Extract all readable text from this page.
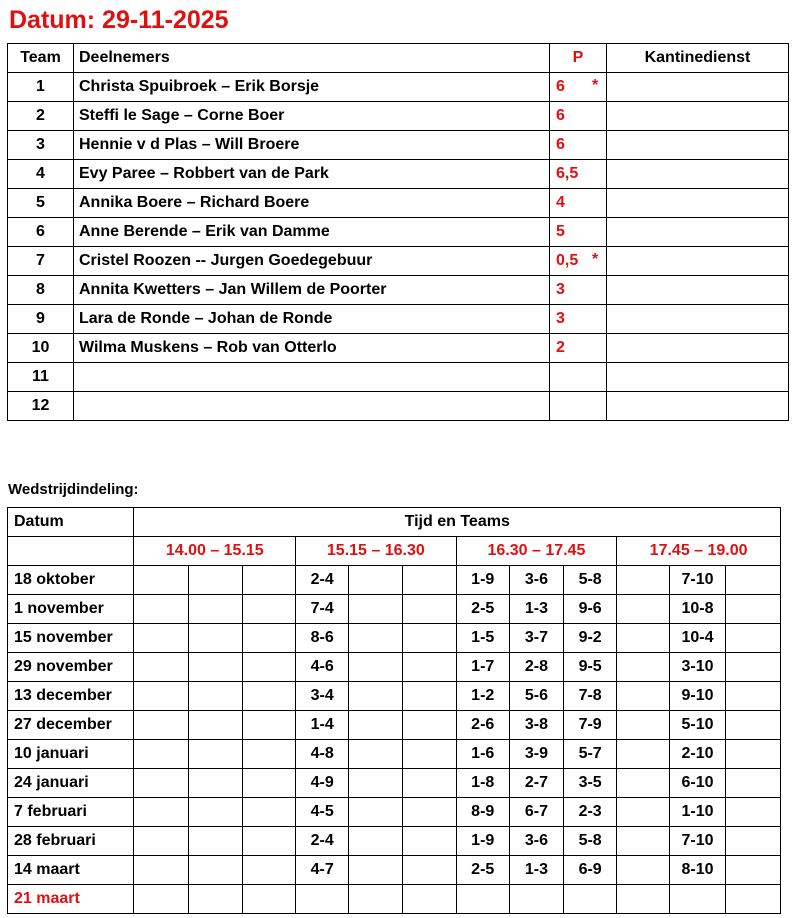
Datum: 29-11-2025
Team	Deelnemers	P	Kantinedienst
1	Christa Spuibroek – Erik Borsje	6 *	

2	Steffi le Sage – Corne Boer	6

3	Hennie v d Plas – Will Broere	6

4	Evy Paree – Robbert van de Park	6,5

5	Annika Boere – Richard Boere	4

6	Anne Berende – Erik van Damme	5

7	Cristel Roozen -- Jurgen Goedegebuur	0,5 *	

8	Annita Kwetters – Jan Willem de Poorter	3

9	Lara de Ronde – Johan de Ronde	3

10	Wilma Muskens – Rob van Otterlo	2

11		

12		

Wedstrijdindeling:
Datum	Tijd en Teams											
	14.00 – 15.15			15.15 – 16.30			16.30 – 17.45			17.45 – 19.00		
18 oktober				2-4			1-9	3-6	5-8		7-10	
1 november				7-4			2-5	1-3	9-6		10-8	
15 november				8-6			1-5	3-7	9-2		10-4	
29 november				4-6			1-7	2-8	9-5		3-10	
13 december				3-4			1-2	5-6	7-8		9-10	
27 december				1-4			2-6	3-8	7-9		5-10	
10 januari				4-8			1-6	3-9	5-7		2-10	
24 januari				4-9			1-8	2-7	3-5		6-10	
7 februari				4-5			8-9	6-7	2-3		1-10	
28 februari				2-4			1-9	3-6	5-8		7-10	
14 maart				4-7			2-5	1-3	6-9		8-10	
21 maart												
